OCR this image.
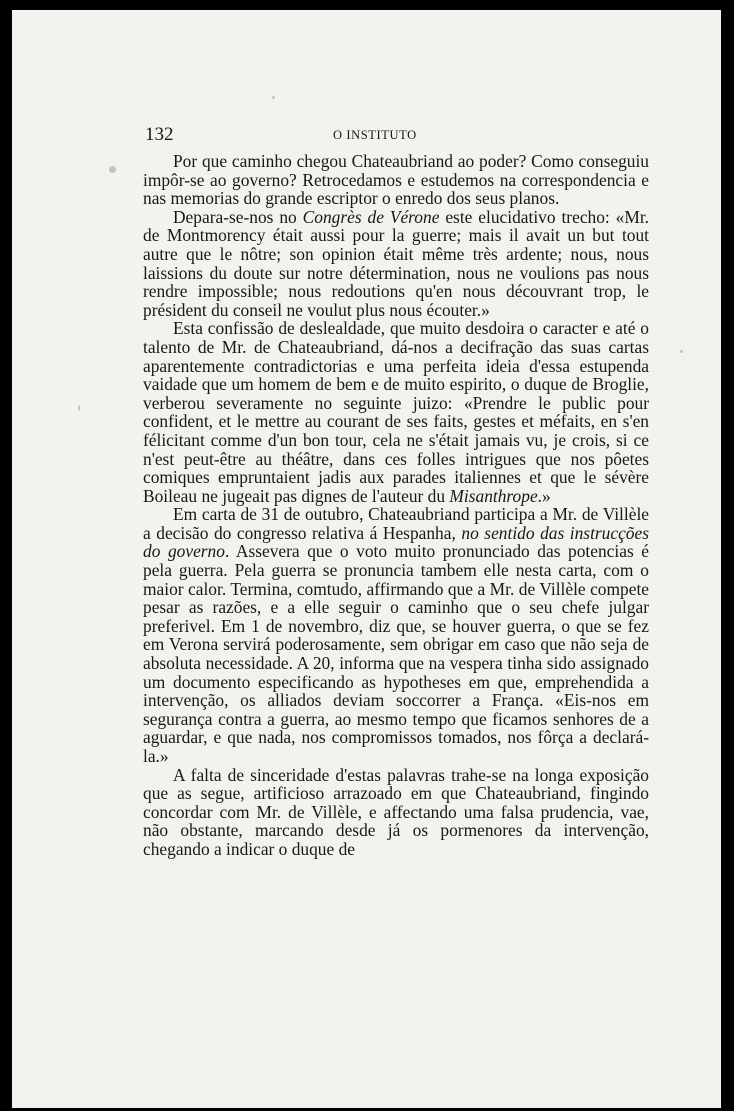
132	O INSTITUTO

Por que caminho chegou Chateaubriand ao poder? Como conseguiu impôr-se ao governo? Retrocedamos e estudemos na correspondencia e nas memorias do grande escriptor o enredo dos seus planos.

Depara-se-nos no Congrès de Vérone este elucidativo trecho: «Mr. de Montmorency était aussi pour la guerre; mais il avait un but tout autre que le nôtre; son opinion était même très ardente; nous, nous laissions du doute sur notre détermination, nous ne voulions pas nous rendre impossible; nous redoutions qu'en nous découvrant trop, le président du conseil ne voulut plus nous écouter.»

Esta confissão de deslealdade, que muito desdoira o caracter e até o talento de Mr. de Chateaubriand, dá-nos a decifração das suas cartas aparentemente contradictorias e uma perfeita ideia d'essa estupenda vaidade que um homem de bem e de muito espirito, o duque de Broglie, verberou severamente no seguinte juizo: «Prendre le public pour confident, et le mettre au courant de ses faits, gestes et méfaits, en s'en félicitant comme d'un bon tour, cela ne s'était jamais vu, je crois, si ce n'est peut-être au théâtre, dans ces folles intrigues que nos pôetes comiques empruntaient jadis aux parades italiennes et que le sévère Boileau ne jugeait pas dignes de l'auteur du Misanthrope.»

Em carta de 31 de outubro, Chateaubriand participa a Mr. de Villèle a decisão do congresso relativa á Hespanha, no sentido das instrucções do governo. Assevera que o voto muito pronunciado das potencias é pela guerra. Pela guerra se pronuncia tambem elle nesta carta, com o maior calor. Termina, comtudo, affirmando que a Mr. de Villèle compete pesar as razões, e a elle seguir o caminho que o seu chefe julgar preferivel. Em 1 de novembro, diz que, se houver guerra, o que se fez em Verona servirá poderosamente, sem obrigar em caso que não seja de absoluta necessidade. A 20, informa que na vespera tinha sido assignado um documento especificando as hypotheses em que, emprehendida a intervenção, os alliados deviam soccorrer a França. «Eis-nos em segurança contra a guerra, ao mesmo tempo que ficamos senhores de a aguardar, e que nada, nos compromissos tomados, nos fôrça a declará-la.»

A falta de sinceridade d'estas palavras trahe-se na longa exposição que as segue, artificioso arrazoado em que Chateaubriand, fingindo concordar com Mr. de Villèle, e affectando uma falsa prudencia, vae, não obstante, marcando desde já os pormenores da intervenção, chegando a indicar o duque de
